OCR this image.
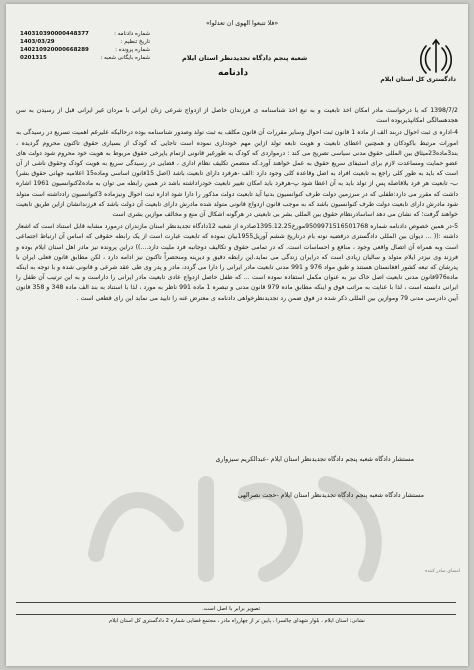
دادگستری کل استان ایلام
«فلا تتبعوا الهوی ان تعدلوا»
شعبه پنجم دادگاه تجدیدنظر استان ایلام
دادنامه
شماره دادنامه :
140310390000448377
تاریخ تنظیم :
1403/03/29
شماره پرونده :
140210920000668289
شماره بایگانی شعبه :
0201315

1398/7/2 که با درخواست مادر امکان اخذ تابعیت و به تبع اخذ شناسنامه ی فرزندان حاصل از ازدواج شرعی زنان ایرانی با مردان غیر ایرانی قبل از رسیدن به سن هجدهسالگی امکانپذیربوده است

4-اداره ی ثبت احوال دربند الف از ماده 1 قانون ثبت احوال وسایر مقررات آن قانون مکلف به ثبت تولد وصدور شناسنامه بوده درحالیکه علیرغم اهمیت تسریع در رسیدگی به امورات مرتبط باکودکان و همچنین اعطای تابعیت و هویت تابعه تولد ازاین مهم خودداری نموده است تاجایی که کودک از بسیاری حقوق تاکنون محروم گردیده ، بند3ماده23میثاق بین المللی حقوق مدنی سیاسی تصریح می کند : درمواردی که کودک به طورغیر قانونی ازتمام یاپرخی حقوق مربوط به هویت خود محروم شود دولت های عضو حمایت ومساعدت لازم برای استیفای سریع حقوق به عمل خواهند آورد.که متضمن تکلیف نظام اداری ، قضایی در رسیدگی سریع به هویت کودک وحقوق ناشی از آن است که باید به طور کلی راجع به تابعیت افراد به اصل وقاعده کلی وجود دارد :الف -هرفرد دارای تابعیت باشد (اصل 15قانون اساسی وماده15 اعلامیه جهانی حقوق بشر) ب- تابعیت هر فرد بلافاصله پس از تولد باید به آن اعطا شود پ-هرفرد باید امکان تغییر تابعیت خودراداشته باشد در همین رابطه می توان به ماده2کنوانسیون 1961 اشاره داشت که مقرر می دارد:طفلی که در سرزمین دولت طرف کنوانسیون بدنیا آید تابعیت دولت مذکور را دارا شود اداره ثبت احوال ونیزماده 3کنوانسیون رادداشته است متولد شود مادرش دارای تابعیت دولت طرف کنوانسیون باشد که به موجب قانون ازدواج قانونی متولد شده مادرش دارای تابعیت آن دولت باشد که فرزندانشان ازاین طریق تابعیت خواهند گرفت؛ که نشان می دهد اساسادرنظام حقوق بین المللی بشر بی تابعیتی در هرگونه اشکال آن منع و مخالف موازین بشری است

5-در همین خصوص دادنامه شماره 9509971516501768مورخ1395.12.25صادره از شعبه 12دادگاه تجدیدنظر استان مازندران درمورد مشابه قابل استناد است که اشعار داشته :(( ... دیوان بین المللی دادگستری درقضیه نوته بام درتاریخ ششم آوریل1955بیان نموده که تابعیت عبارت است از یک رابطه حقوقی که اساس آن ارتباط اجتماعی است وبه همراه آن اتصال واقعی وجود ، منافع و احساسات است. که در تمامی حقوق و تکالیف دوجانبه فرد ملیت دارد....)) دراین پرونده نیز مادر اهل استان ایلام بوده و فرزند وی نیزدر ایلام متولد و سالیان زیادی است که درایران زندگی می نماید.این رابطه دقیق و دیرینه ومنحصراً تاکنون نیز ادامه دارد ، لکن مطابق قانون فعلی ایران با پدرشان که تبعه کشور افغانستان هستند و طبق مواد 976 و 991 مدنی تابعیت مادر ایرانی را دارا می گردد، مادر و پدر وی طی عقد شرعی و قانونی شده و با توجه به اینکه ماده976قانون مدنی تابعیت اصل خاک نیز به عنوان مکمل استفاده نموده است ... که طفل حاصل ازدواج عادی تابعیت مادر ایرانی را داراست و به این ترتیب آن طفل را ایرانی دانسته است ، لذا با عنایت به مراتب فوق و اینکه مطابق ماده 979 قانون مدنی و تبصره 1 ماده 991 ناظر به مورد ، لذا با استناد به بند الف ماده 348 و 358 قانون آیین دادرسی مدنی 79 وموازین بین المللی ذکر شده در فوق ضمن رد تجدیدنظرخواهی دادنامه ی معترض عنه را تایید می نماید این رای قطعی است .

مستشار دادگاه شعبه پنجم دادگاه تجدیدنظر استان ایلام -عبدالکریم سبزواری
مستشار دادگاه شعبه پنجم دادگاه تجدیدنظر استان ایلام -حجت نصرالهی
امضای صادر کننده
تصویر برابر با اصل است.
نشانی: استان ایلام ، بلوار شهدای چالسرا ، پایین تر از چهارراه مادر ، مجتمع قضایی شماره 2 دادگستری کل استان ایلام
